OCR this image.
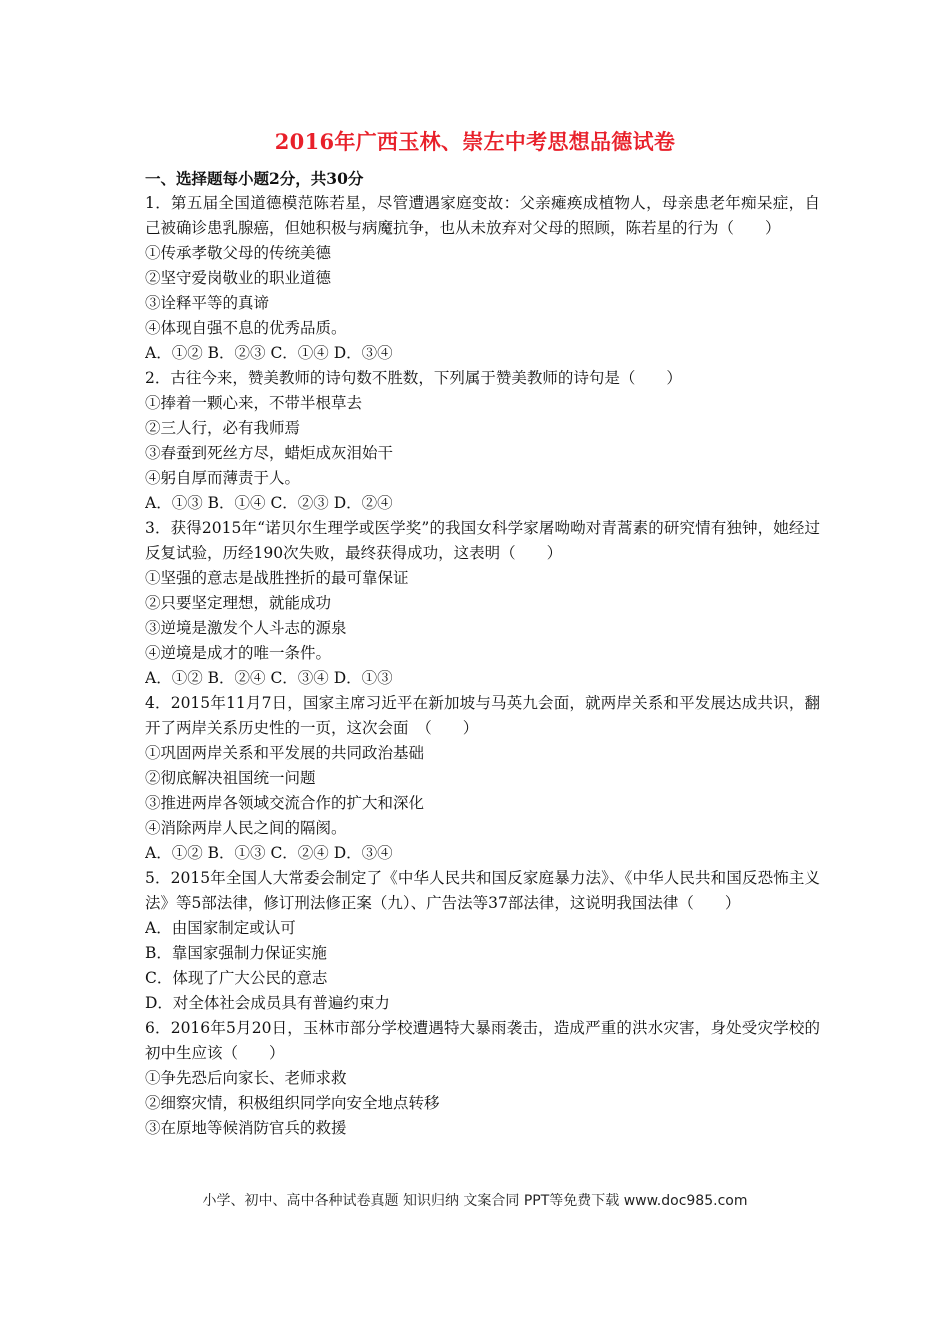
2016年广西玉林、崇左中考思想品德试卷
一、选择题每小题2分，共30分
1．第五届全国道德模范陈若星，尽管遭遇家庭变故：父亲瘫痪成植物人，母亲患老年痴呆症，自己被确诊患乳腺癌，但她积极与病魔抗争，也从未放弃对父母的照顾，陈若星的行为（　　）
①传承孝敬父母的传统美德
②坚守爱岗敬业的职业道德
③诠释平等的真谛
④体现自强不息的优秀品质。
A．①② B．②③ C．①④ D．③④
2．古往今来，赞美教师的诗句数不胜数，下列属于赞美教师的诗句是（　　）
①捧着一颗心来，不带半根草去
②三人行，必有我师焉
③春蚕到死丝方尽，蜡炬成灰泪始干
④躬自厚而薄责于人。
A．①③ B．①④ C．②③ D．②④
3．获得2015年“诺贝尔生理学或医学奖”的我国女科学家屠呦呦对青蒿素的研究情有独钟，她经过反复试验，历经190次失败，最终获得成功，这表明（　　）
①坚强的意志是战胜挫折的最可靠保证
②只要坚定理想，就能成功
③逆境是激发个人斗志的源泉
④逆境是成才的唯一条件。
A．①② B．②④ C．③④ D．①③
4．2015年11月7日，国家主席习近平在新加坡与马英九会面，就两岸关系和平发展达成共识，翻开了两岸关系历史性的一页，这次会面　（　　）
①巩固两岸关系和平发展的共同政治基础
②彻底解决祖国统一问题
③推进两岸各领域交流合作的扩大和深化
④消除两岸人民之间的隔阂。
A．①② B．①③ C．②④ D．③④
5．2015年全国人大常委会制定了《中华人民共和国反家庭暴力法》、《中华人民共和国反恐怖主义法》等5部法律，修订刑法修正案（九）、广告法等37部法律，这说明我国法律（　　）
A．由国家制定或认可
B．靠国家强制力保证实施
C．体现了广大公民的意志
D．对全体社会成员具有普遍约束力
6．2016年5月20日，玉林市部分学校遭遇特大暴雨袭击，造成严重的洪水灾害，身处受灾学校的初中生应该（　　）
①争先恐后向家长、老师求救
②细察灾情，积极组织同学向安全地点转移
③在原地等候消防官兵的救援
小学、初中、高中各种试卷真题 知识归纳 文案合同 PPT等免费下载 www.doc985.com
